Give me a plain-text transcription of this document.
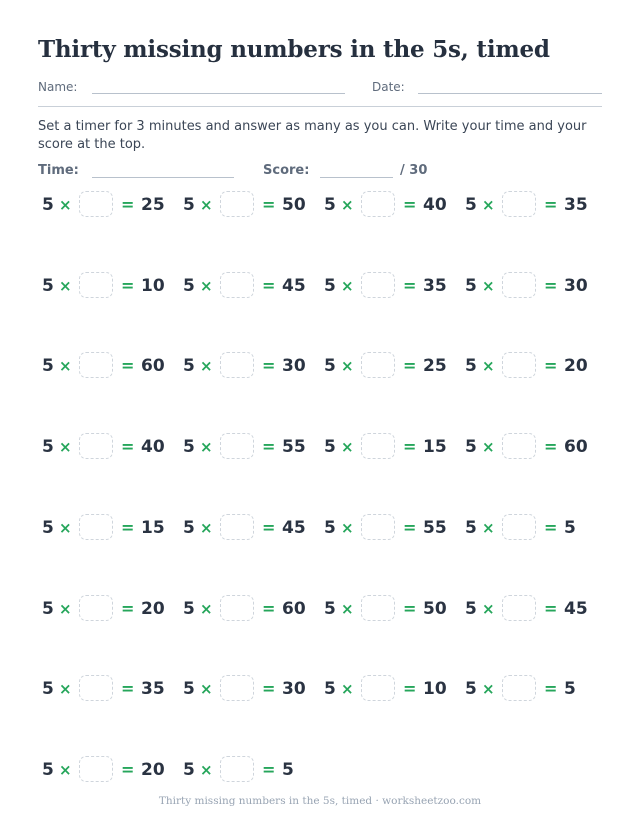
Thirty missing numbers in the 5s, timed
Name:	Date:

Set a timer for 3 minutes and answer as many as you can. Write your time and your score at the top.

Time:	Score:	/ 30
5 ×	= 25 5 ×	= 50 5 ×	= 40 5 ×	= 35
5 ×	= 10 5 ×	= 45 5 ×	= 35 5 ×	= 30
5 ×	= 60 5 ×	= 30 5 ×	= 25 5 ×	= 20
5 ×	= 40 5 ×	= 55 5 ×	= 15 5 ×	= 60
5 ×	= 15 5 ×	= 45 5 ×	= 55 5 ×	= 5
5 ×	= 20 5 ×	= 60 5 ×	= 50 5 ×	= 45
5 ×	= 35 5 ×	= 30 5 ×	= 10 5 ×	= 5
5 ×	= 20 5 ×	= 5

Thirty missing numbers in the 5s, timed · worksheetzoo.com
